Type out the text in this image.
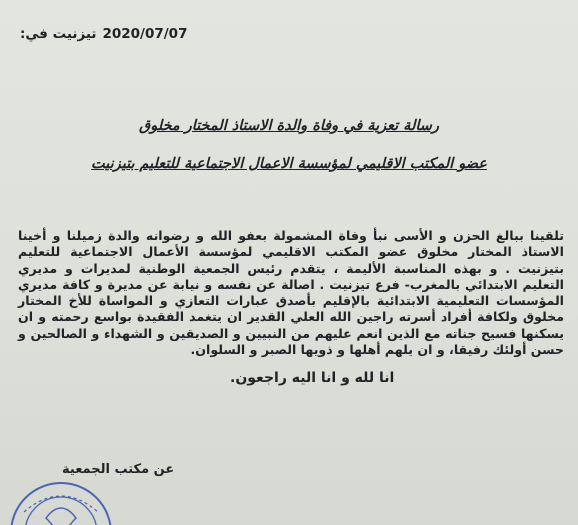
2020/07/07
تيزنيت في:
رسالة تعزية في وفاة والدة الاستاذ المختار مخلوق
عضو المكتب الاقليمي لمؤسسة الاعمال الاجتماعية للتعليم بتيزنيت

تلقينا ببالغ الحزن و الأسى نبأ وفاة المشمولة بعفو الله و رضوانه والدة زميلنا و أخينا الاستاذ المختار مخلوق عضو المكتب الاقليمي لمؤسسة الأعمال الاجتماعية للتعليم بتيزنيت . و بهذه المناسبة الأليمة ، يتقدم رئيس الجمعية الوطنية لمديرات و مديري التعليم الابتدائي بالمغرب- فرع تيزنيت . اصالة عن نفسه و نيابة عن مديرة و كافة مديري المؤسسات التعليمية الابتدائية بالإقليم بأصدق عبارات التعازي و المواساة للأخ المختار مخلوق ولكافة أفراد أسرته راجين الله العلي القدير ان يتغمد الفقيدة بواسع رحمته و ان يسكنها فسيح جناته مع الذين انعم عليهم من النبيين و الصديقين و الشهداء و الصالحين و حسن أولئك رفيقا، و ان يلهم أهلها و ذويها الصبر و السلوان.

انا لله و انا اليه راجعون.
عن مكتب الجمعية
